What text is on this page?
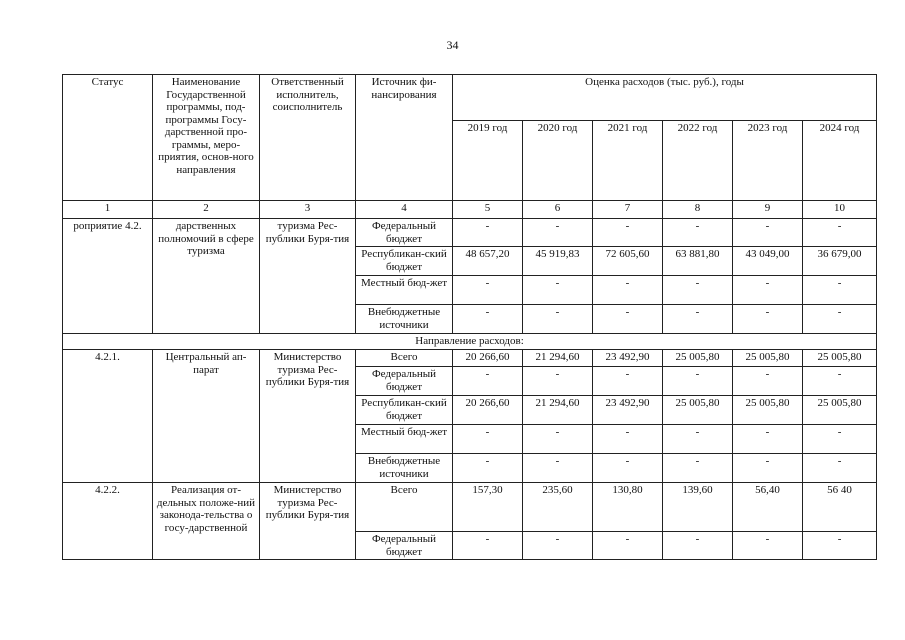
34
Статус	Наименование Государственной программы, под-программы Госу-дарственной про-граммы, меро-приятия, основ-ного направления	Ответственный исполнитель, соисполнитель	Источник фи-нансирования	Оценка расходов (тыс. руб.), годы					
				2019 год	2020 год	2021 год	2022 год	2023 год	2024 год
1	2	3	4	5	6	7	8	9	10
роприятие 4.2.	дарственных полномочий в сфере туризма	туризма Рес-публики Буря-тия	Федеральный бюджет	-	-	-	-	-	-
			Республикан-ский бюджет	48 657,20	45 919,83	72 605,60	63 881,80	43 049,00	36 679,00
			Местный бюд-жет	-	-	-	-	-	-
			Внебюджетные источники	-	-	-	-	-	-
Направление расходов:									
4.2.1.	Центральный ап-парат	Министерство туризма Рес-публики Буря-тия	Всего	20 266,60	21 294,60	23 492,90	25 005,80	25 005,80	25 005,80
			Федеральный бюджет	-	-	-	-	-	-
			Республикан-ский бюджет	20 266,60	21 294,60	23 492,90	25 005,80	25 005,80	25 005,80
			Местный бюд-жет	-	-	-	-	-	-
			Внебюджетные источники	-	-	-	-	-	-
4.2.2.	Реализация от-дельных положе-ний законода-тельства о госу-дарственной	Министерство туризма Рес-публики Буря-тия	Всего	157,30	235,60	130,80	139,60	56,40	56 40
			Федеральный бюджет	-	-	-	-	-	-
